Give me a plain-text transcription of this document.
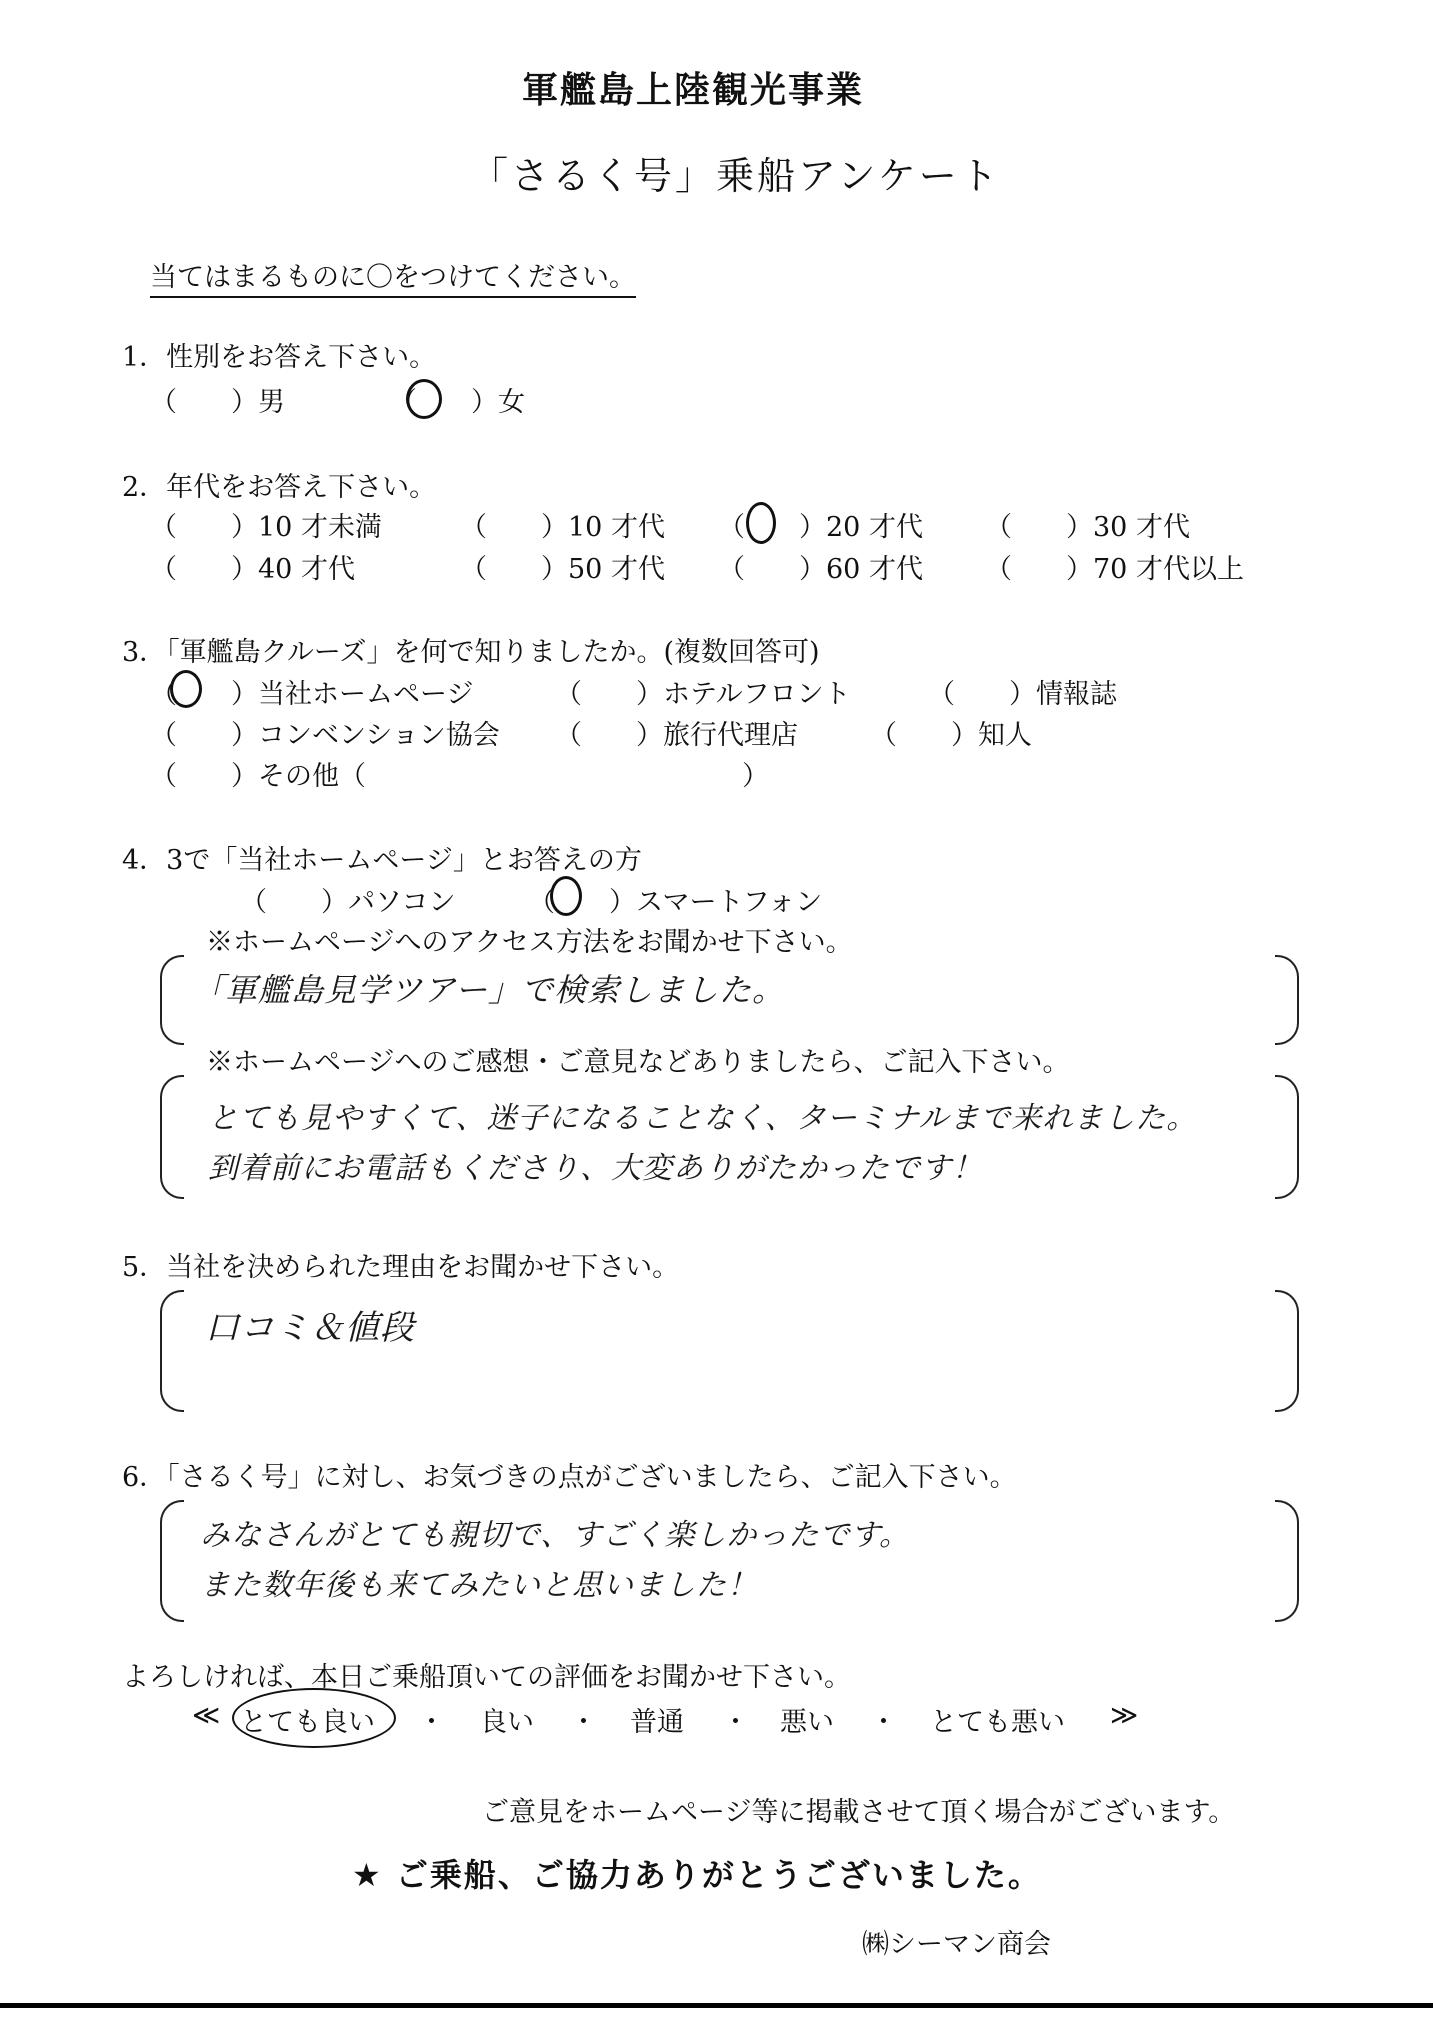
軍艦島上陸観光事業
「さるく号」乗船アンケート
当てはまるものに〇をつけてください。
1．性別をお答え下さい。
（　　）男	（　　）女
2．年代をお答え下さい。
（　　）10 才未満	（　　）10 才代 （　　）20 才代 （　　）30 才代
（　　）40 才代	（　　）50 才代 （　　）60 才代 （　　）70 才代以上
3．「軍艦島クルーズ」を何で知りましたか。(複数回答可)
（　　）当社ホームページ	（　　）ホテルフロント	（　　）情報誌
（　　）コンベンション協会 （　　）旅行代理店	（　　）知人
（　　）その他（	）
4．3で「当社ホームページ」とお答えの方
（　　）パソコン	（　　）スマートフォン
※ホームページへのアクセス方法をお聞かせ下さい。
「軍艦島見学ツアー」で検索しました。
※ホームページへのご感想・ご意見などありましたら、ご記入下さい。
とても見やすくて、迷子になることなく、ターミナルまで来れました。
到着前にお電話もくださり、大変ありがたかったです！
5．当社を決められた理由をお聞かせ下さい。
口コミ＆値段
6．「さるく号」に対し、お気づきの点がございましたら、ご記入下さい。
みなさんがとても親切で、すごく楽しかったです。
また数年後も来てみたいと思いました！
よろしければ、本日ご乗船頂いての評価をお聞かせ下さい。
≪ とても良い ・ 良い ・ 普通 ・ 悪い ・ とても悪い ≫
ご意見をホームページ等に掲載させて頂く場合がございます。
★ ご乗船、ご協力ありがとうございました。
㈱シーマン商会
